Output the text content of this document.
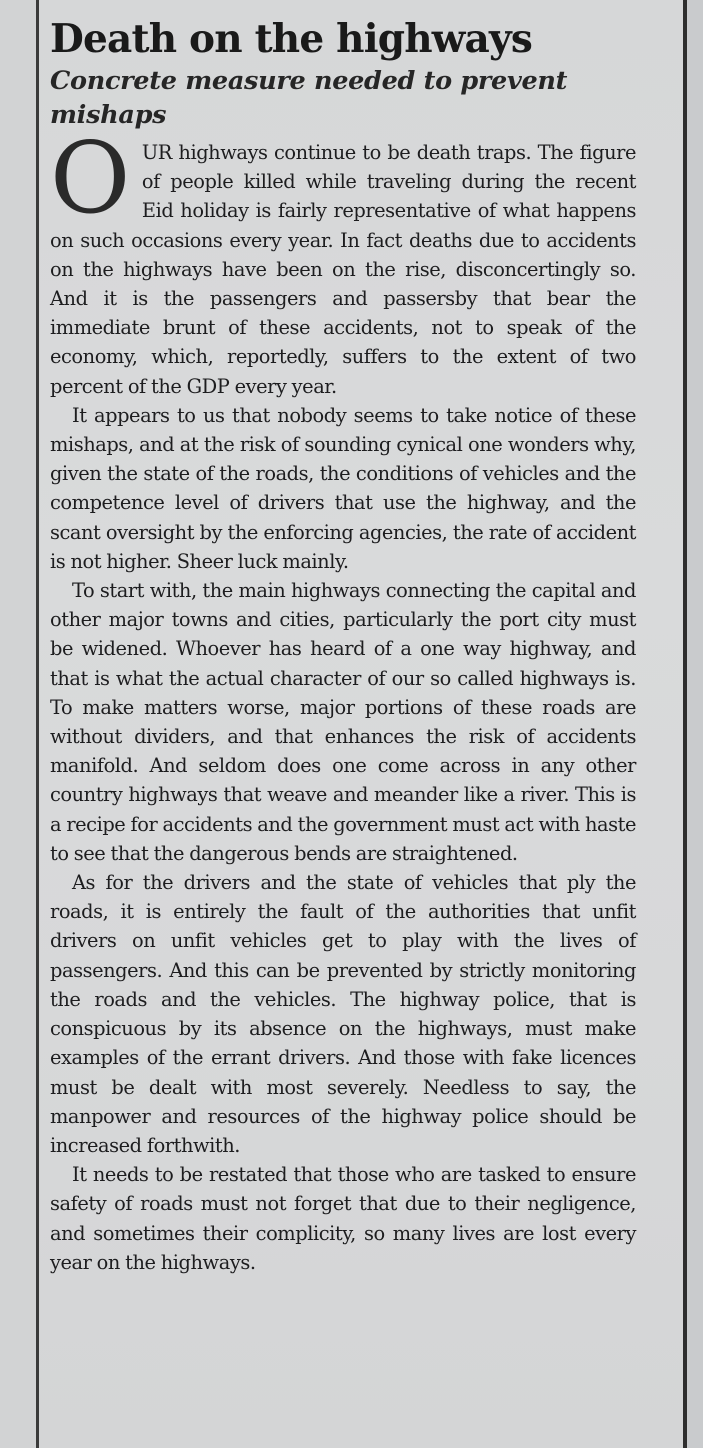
Death on the highways
Concrete measure needed to prevent mishaps

OUR highways continue to be death traps. The figure of people killed while traveling during the recent Eid holiday is fairly representative of what happens on such occasions every year. In fact deaths due to accidents on the highways have been on the rise, disconcertingly so. And it is the passengers and passersby that bear the immediate brunt of these accidents, not to speak of the economy, which, reportedly, suffers to the extent of two percent of the GDP every year.

It appears to us that nobody seems to take notice of these mishaps, and at the risk of sounding cynical one wonders why, given the state of the roads, the conditions of vehicles and the competence level of drivers that use the highway, and the scant oversight by the enforcing agencies, the rate of accident is not higher. Sheer luck mainly.

To start with, the main highways connecting the capital and other major towns and cities, particularly the port city must be widened. Whoever has heard of a one way highway, and that is what the actual character of our so called highways is. To make matters worse, major portions of these roads are without dividers, and that enhances the risk of accidents manifold. And seldom does one come across in any other country highways that weave and meander like a river. This is a recipe for accidents and the government must act with haste to see that the dangerous bends are straightened.

As for the drivers and the state of vehicles that ply the roads, it is entirely the fault of the authorities that unfit drivers on unfit vehicles get to play with the lives of passengers. And this can be prevented by strictly monitoring the roads and the vehicles. The highway police, that is conspicuous by its absence on the highways, must make examples of the errant drivers. And those with fake licences must be dealt with most severely. Needless to say, the manpower and resources of the highway police should be increased forthwith.

It needs to be restated that those who are tasked to ensure safety of roads must not forget that due to their negligence, and sometimes their complicity, so many lives are lost every year on the highways.
